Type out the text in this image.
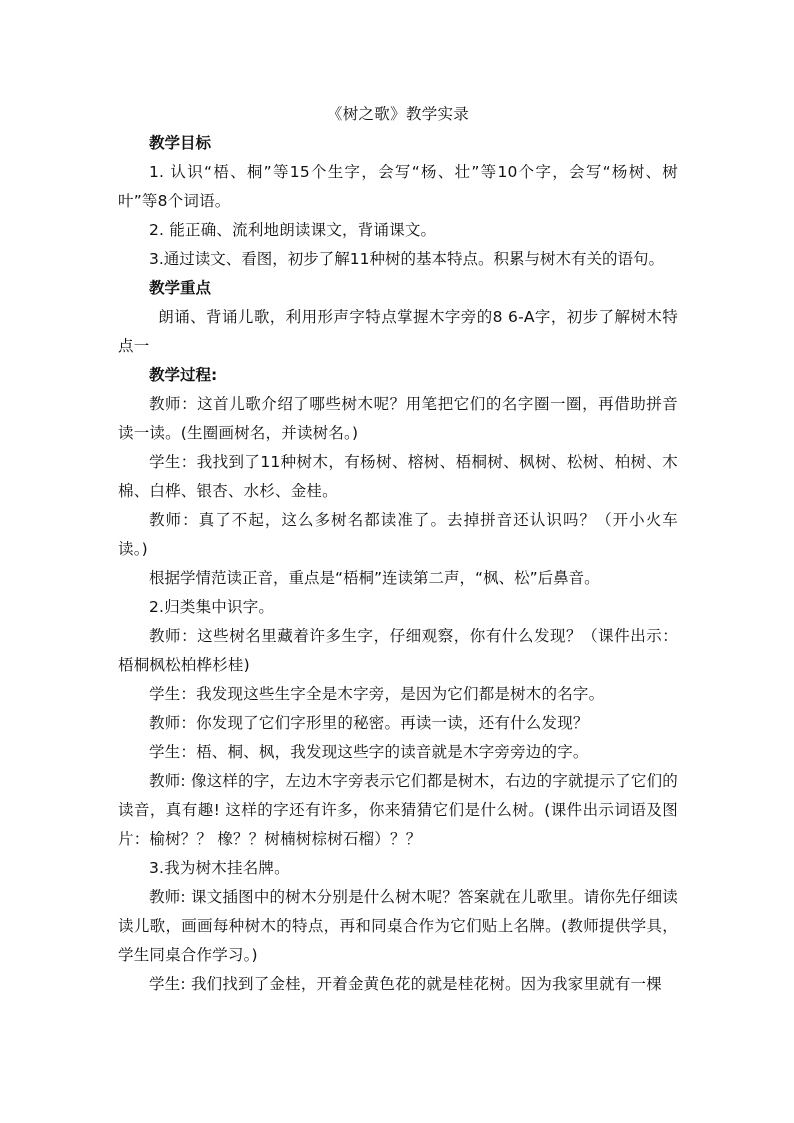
《树之歌》教学实录

教学目标

1. 认识“梧、桐”等15个生字，会写“杨、壮”等10个字，会写“杨树、树叶”等8个词语。

2. 能正确、流利地朗读课文，背诵课文。

3.通过读文、看图，初步了解11种树的基本特点。积累与树木有关的语句。

教学重点

朗诵、背诵儿歌，利用形声字特点掌握木字旁的8 6-A字，初步了解树木特点一

教学过程:

教师：这首儿歌介绍了哪些树木呢？用笔把它们的名字圈一圈，再借助拼音读一读。(生圈画树名，并读树名。)

学生：我找到了11种树木，有杨树、榕树、梧桐树、枫树、松树、柏树、木棉、白桦、银杏、水杉、金桂。

教师：真了不起，这么多树名都读准了。去掉拼音还认识吗？（开小火车读。)

根据学情范读正音，重点是“梧桐”连读第二声，“枫、松”后鼻音。

2.归类集中识字。

教师：这些树名里藏着许多生字，仔细观察，你有什么发现？（课件出示：梧桐枫松柏桦杉桂)

学生：我发现这些生字全是木字旁，是因为它们都是树木的名字。

教师：你发现了它们字形里的秘密。再读一读，还有什么发现？

学生：梧、桐、枫，我发现这些字的读音就是木字旁旁边的字。

教师: 像这样的字，左边木字旁表示它们都是树木，右边的字就提示了它们的读音，真有趣! 这样的字还有许多，你来猜猜它们是什么树。(课件出示词语及图片：榆树？？ 橡？？树楠树棕树石榴）？？

3.我为树木挂名牌。

教师: 课文插图中的树木分别是什么树木呢？答案就在儿歌里。请你先仔细读读儿歌，画画每种树木的特点，再和同桌合作为它们贴上名牌。(教师提供学具，学生同桌合作学习。)

学生: 我们找到了金桂，开着金黄色花的就是桂花树。因为我家里就有一棵
